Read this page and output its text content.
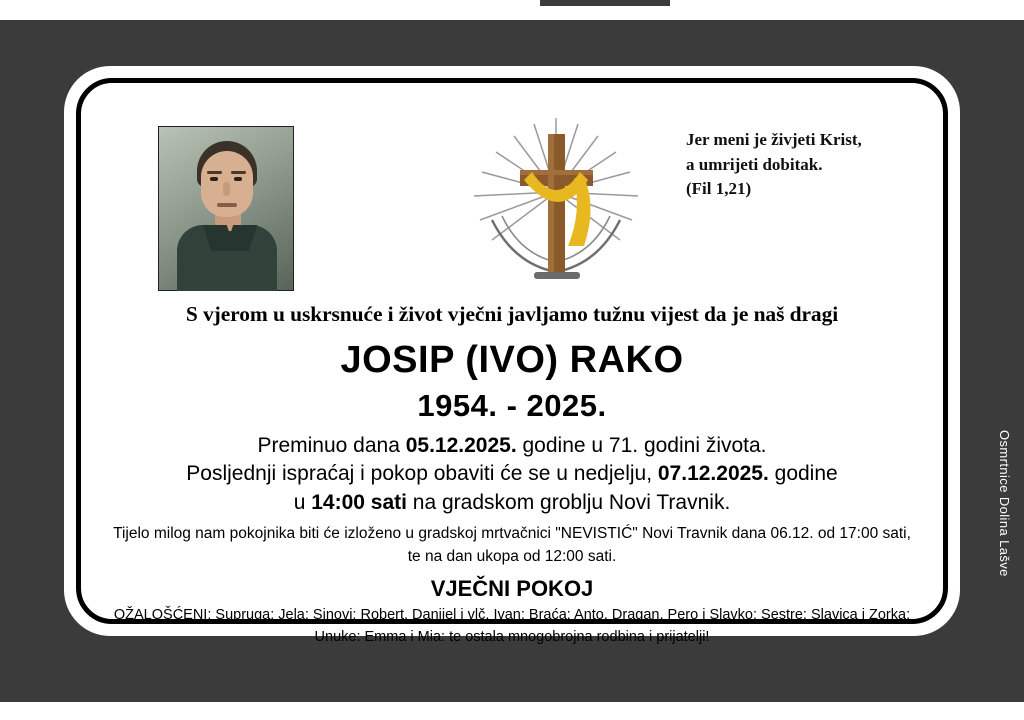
Jer meni je živjeti Krist,
a umrijeti dobitak.
(Fil 1,21)
S vjerom u uskrsnuće i život vječni javljamo tužnu vijest da je naš dragi
JOSIP (IVO) RAKO
1954. - 2025.
Preminuo dana 05.12.2025. godine u 71. godini života.
Posljednji ispraćaj i pokop obaviti će se u nedjelju, 07.12.2025. godine
u 14:00 sati na gradskom groblju Novi Travnik.
Tijelo milog nam pokojnika biti će izloženo u gradskoj mrtvačnici "NEVISTIĆ" Novi Travnik dana 06.12. od 17:00 sati,
te na dan ukopa od 12:00 sati.
VJEČNI POKOJ
OŽALOŠĆENI: Supruga: Jela; Sinovi: Robert, Danijel i vlč. Ivan; Braća: Anto, Dragan, Pero i Slavko; Sestre: Slavica i Zorka;
Unuke: Emma i Mia: te ostala mnogobrojna rodbina i prijatelji!
Osmrtnice Dolina Lašve
